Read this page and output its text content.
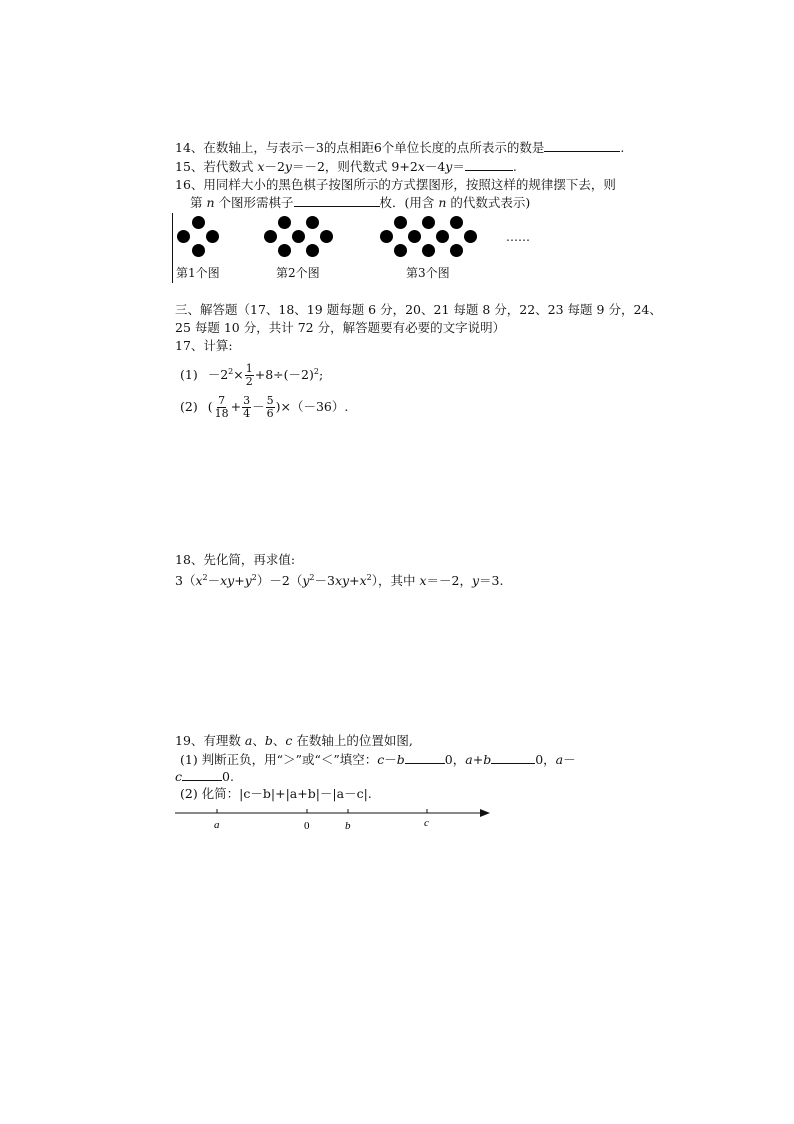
14、在数轴上，与表示－3的点相距6个单位长度的点所表示的数是	.
15、若代数式 x－2y＝－2，则代数式 9+2x－4y＝	.
16、用同样大小的黑色棋子按图所示的方式摆图形，按照这样的规律摆下去，则
第 n 个图形需棋子	枚．(用含 n 的代数式表示)
……
第1个图	第2个图	第3个图
三、解答题（17、18、19 题每题 6 分，20、21 每题 8 分，22、23 每题 9 分，24、
25 每题 10 分，共计 72 分，解答题要有必要的文字说明）
17、计算:
$(1) -2^2\times \frac{1}{2} +8\div(-2)^2$;
(2) ( $\frac{7}{18} + \frac{3}{4} - \frac{5}{6} )\times(-36)$.
18、先化简，再求值:
$3(x^2-xy+y^2)-2(y^2-3xy+x^2)$，其中 x＝－2，y＝3.
19、有理数 a、b、c 在数轴上的位置如图,
(1) 判断正负，用“＞”或“＜”填空：c－b	0，a+b	0，a－
c	0.
(2) 化简：|c－b|+|a+b|－|a－c|.
a	0	b	c
